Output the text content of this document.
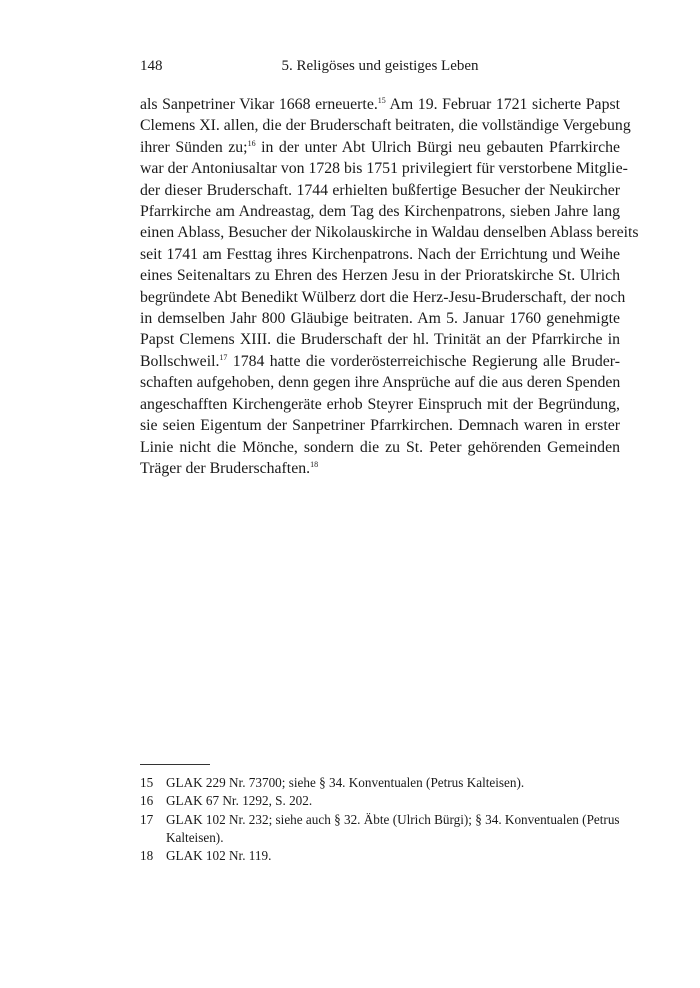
148	5. Religöses und geistiges Leben
als Sanpetriner Vikar 1668 erneuerte.$^{15}$ Am 19. Februar 1721 sicherte Papst
Clemens XI. allen, die der Bruderschaft beitraten, die vollständige Vergebung
ihrer Sünden zu;$^{16}$ in der unter Abt Ulrich Bürgi neu gebauten Pfarrkirche
war der Antoniusaltar von 1728 bis 1751 privilegiert für verstorbene Mitglie-
der dieser Bruderschaft. 1744 erhielten bußfertige Besucher der Neukircher
Pfarrkirche am Andreastag, dem Tag des Kirchenpatrons, sieben Jahre lang
einen Ablass, Besucher der Nikolauskirche in Waldau denselben Ablass bereits
seit 1741 am Festtag ihres Kirchenpatrons. Nach der Errichtung und Weihe
eines Seitenaltars zu Ehren des Herzen Jesu in der Prioratskirche St. Ulrich
begründete Abt Benedikt Wülberz dort die Herz-Jesu-Bruderschaft, der noch
in demselben Jahr 800 Gläubige beitraten. Am 5. Januar 1760 genehmigte
Papst Clemens XIII. die Bruderschaft der hl. Trinität an der Pfarrkirche in
Bollschweil.$^{17}$ 1784 hatte die vorderösterreichische Regierung alle Bruder-
schaften aufgehoben, denn gegen ihre Ansprüche auf die aus deren Spenden
angeschafften Kirchengeräte erhob Steyrer Einspruch mit der Begründung,
sie seien Eigentum der Sanpetriner Pfarrkirchen. Demnach waren in erster
Linie nicht die Mönche, sondern die zu St. Peter gehörenden Gemeinden
Träger der Bruderschaften.$^{18}$
15 GLAK 229 Nr. 73700; siehe § 34. Konventualen (Petrus Kalteisen).
16 GLAK 67 Nr. 1292, S. 202.
17 GLAK 102 Nr. 232; siehe auch § 32. Äbte (Ulrich Bürgi); § 34. Konventualen (Petrus Kalteisen).
18 GLAK 102 Nr. 119.
